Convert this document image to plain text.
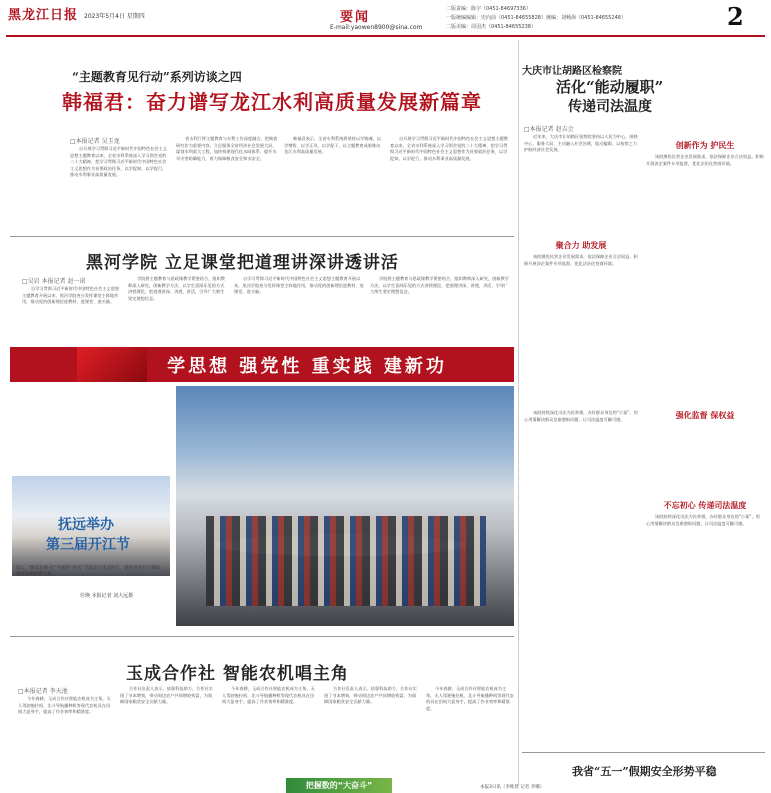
黑龙江日报 2023年5月4日 星期四	要闻
E-mail:yaowen8900@sina.com
二版责编：陈宇（0451-84697336）
一版统编编辑：史向前（0451-84655828）统编：刘畅海（0451-84655248）
二版美编：周羽杰（0451-84655238）	2
“主题教育见行动”系列访谈之四
韩福君：奋力谱写龙江水利高质量发展新篇章
□本报记者 吴玉龙

自开展学习贯彻习近平新时代中国特色社会主义思想主题教育以来，全省水利系统深入学习领会党的二十大精神，把学习贯彻习近平新时代中国特色社会主义思想作为首要政治任务，以学促知、以学促行，推动水利事业高质量发展。

省水利厅将主题教育与水利工作深度融合，把调查研究作为重要内容，立足服务全省经济社会发展大局，谋划水利重大工程，加快构建现代化水网体系，提升水旱灾害防御能力，着力保障粮食安全和水安全。

韩福君表示，全省水利系统将坚持以学铸魂、以学增智、以学正风、以学促干，以主题教育成果推动龙江水利高质量发展。

自开展学习贯彻习近平新时代中国特色社会主义思想主题教育以来，全省水利系统深入学习领会党的二十大精神，把学习贯彻习近平新时代中国特色社会主义思想作为首要政治任务，以学促知、以学促行，推动水利事业高质量发展。

黑河学院 立足课堂把道理讲深讲透讲活
□吴岩 本报记者 赵一诺

自学习贯彻习近平新时代中国特色社会主义思想主题教育开展以来，黑河学院充分发挥课堂主阵地作用，推动党的创新理论进教材、进课堂、进头脑。

学院将主题教育与思政课教学紧密结合，组织教师深入研究，创新教学方法，以学生喜闻乐见的方式讲授理论，把道理讲深、讲透、讲活，引导广大师生坚定理想信念。

自学习贯彻习近平新时代中国特色社会主义思想主题教育开展以来，黑河学院充分发挥课堂主阵地作用，推动党的创新理论进教材、进课堂、进头脑。

学院将主题教育与思政课教学紧密结合，组织教师深入研究，创新教学方法，以学生喜闻乐见的方式讲授理论，把道理讲深、讲透、讲活，引导广大师生坚定理想信念。

学思想 强党性 重实践 建新功
抚远举办
第三届开江节
5日，“醉美东极·鱼”冬捕和“鲜达”节活动在抚远举行，游客观看开江捕鱼，感受东极渔猎文化。
任焕 本报记者 刘大远摄
玉成合作社 智能农机唱主角
□本报记者 李天池

今年春耕，玉成合作社智能农机成为主角，无人驾驶拖拉机、北斗导航播种机等现代农机具在田间大显身手，提高了作业效率和精准度。

合作社负责人表示，依靠科技助力，合作社实现了节本增效，带动周边农户共同增收致富，为保障国家粮食安全贡献力量。

今年春耕，玉成合作社智能农机成为主角，无人驾驶拖拉机、北斗导航播种机等现代农机具在田间大显身手，提高了作业效率和精准度。

合作社负责人表示，依靠科技助力，合作社实现了节本增效，带动周边农户共同增收致富，为保障国家粮食安全贡献力量。

今年春耕，玉成合作社智能农机成为主角，无人驾驶拖拉机、北斗导航播种机等现代农机具在田间大显身手，提高了作业效率和精准度。

把握数的“大奋斗”
大庆市让胡路区检察院
活化“能动履职”
传递司法温度
□本报记者 赵吉会

近年来，大庆市让胡路区检察院坚持以人民为中心，围绕中心、服务大局，主动融入社会治理，能动履职，以检察之力护航经济社会发展。

聚合力 助发展

该院聚焦民营企业发展需求，依法保障企业合法权益，积极开展涉企案件专项监督，优化法治化营商环境。

该院持续深化司法为民举措，办好群众身边的“小案”，用心用情解决群众急难愁盼问题，让司法温度可触可感。

创新作为 护民生

该院聚焦民营企业发展需求，依法保障企业合法权益，积极开展涉企案件专项监督，优化法治化营商环境。

强化监督 保权益
不忘初心 传递司法温度

该院持续深化司法为民举措，办好群众身边的“小案”，用心用情解决群众急难愁盼问题，让司法温度可触可感。

我省“五一”假期安全形势平稳
本报3日讯（李维贤 记者 李娜）
